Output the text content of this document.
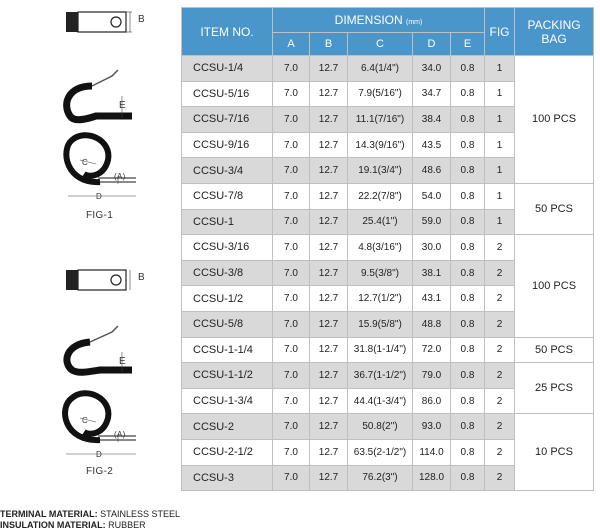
B
E
C
(A)
D
FIG-1
B
E
C
(A)
D
FIG-2
TERMINAL MATERIAL: STAINLESS STEEL
INSULATION MATERIAL: RUBBER
ITEM NO.	DIMENSION (mm)					FIG	PACKING
BAG
	A	B	C	D	E		
CCSU-1/4	7.0	12.7	6.4(1/4")	34.0	0.8	1	100 PCS
CCSU-5/16	7.0	12.7	7.9(5/16")	34.7	0.8	1	
CCSU-7/16	7.0	12.7	11.1(7/16")	38.4	0.8	1	
CCSU-9/16	7.0	12.7	14.3(9/16")	43.5	0.8	1	
CCSU-3/4	7.0	12.7	19.1(3/4")	48.6	0.8	1	
CCSU-7/8	7.0	12.7	22.2(7/8")	54.0	0.8	1	50 PCS
CCSU-1	7.0	12.7	25.4(1")	59.0	0.8	1	
CCSU-3/16	7.0	12.7	4.8(3/16")	30.0	0.8	2	100 PCS
CCSU-3/8	7.0	12.7	9.5(3/8")	38.1	0.8	2	
CCSU-1/2	7.0	12.7	12.7(1/2")	43.1	0.8	2	
CCSU-5/8	7.0	12.7	15.9(5/8")	48.8	0.8	2	
CCSU-1-1/4	7.0	12.7	31.8(1-1/4")	72.0	0.8	2	50 PCS
CCSU-1-1/2	7.0	12.7	36.7(1-1/2")	79.0	0.8	2	25 PCS
CCSU-1-3/4	7.0	12.7	44.4(1-3/4")	86.0	0.8	2	
CCSU-2	7.0	12.7	50.8(2")	93.0	0.8	2	10 PCS
CCSU-2-1/2	7.0	12.7	63.5(2-1/2")	114.0	0.8	2	
CCSU-3	7.0	12.7	76.2(3")	128.0	0.8	2	
